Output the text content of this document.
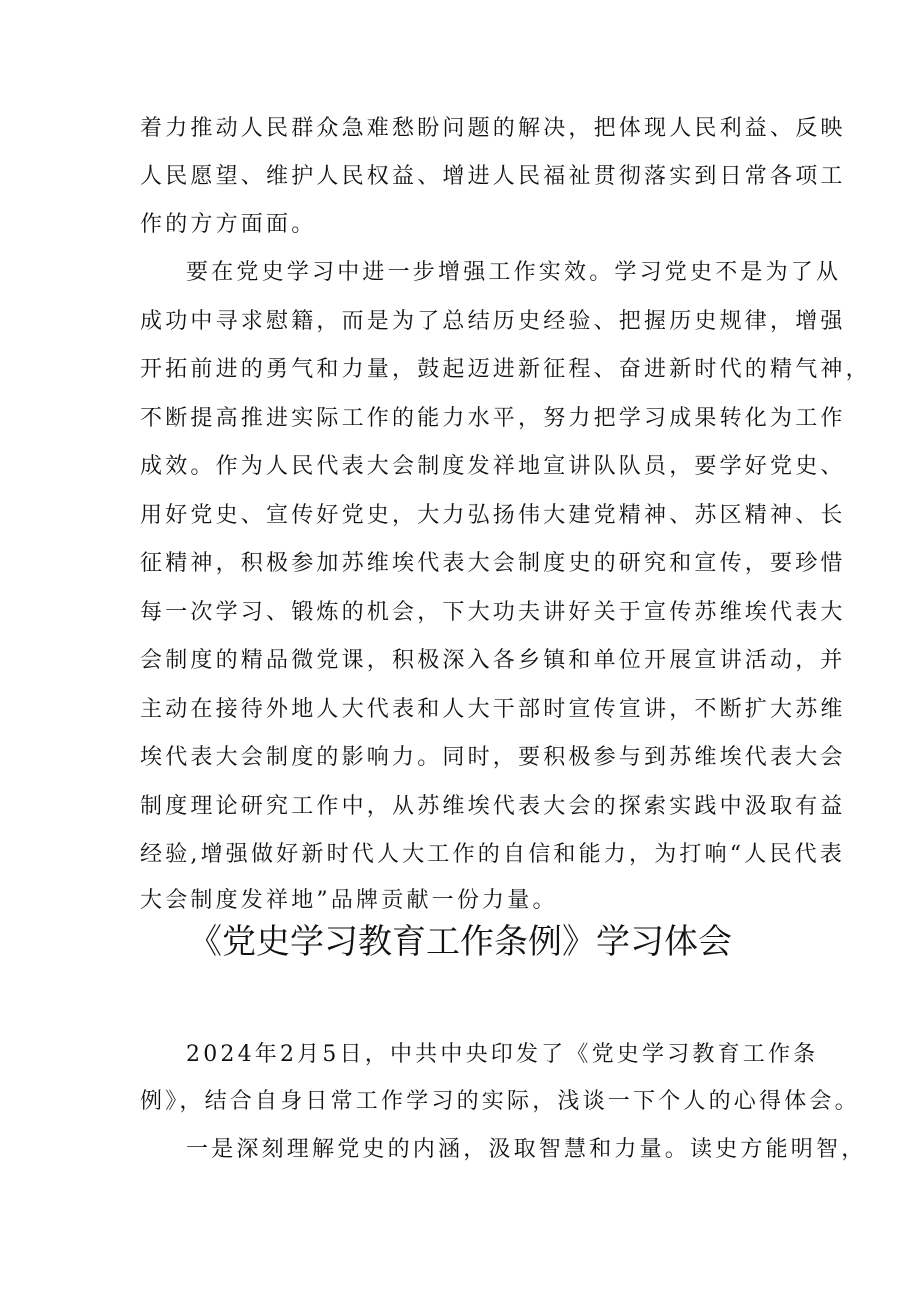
着力推动人民群众急难愁盼问题的解决，把体现人民利益、反映
人民愿望、维护人民权益、增进人民福祉贯彻落实到日常各项工
作的方方面面。
要在党史学习中进一步增强工作实效。学习党史不是为了从
成功中寻求慰籍，而是为了总结历史经验、把握历史规律，增强
开拓前进的勇气和力量，鼓起迈进新征程、奋进新时代的精气神，
不断提高推进实际工作的能力水平，努力把学习成果转化为工作
成效。作为人民代表大会制度发祥地宣讲队队员，要学好党史、
用好党史、宣传好党史，大力弘扬伟大建党精神、苏区精神、长
征精神，积极参加苏维埃代表大会制度史的研究和宣传，要珍惜
每一次学习、锻炼的机会，下大功夫讲好关于宣传苏维埃代表大
会制度的精品微党课，积极深入各乡镇和单位开展宣讲活动，并
主动在接待外地人大代表和人大干部时宣传宣讲，不断扩大苏维
埃代表大会制度的影响力。同时，要积极参与到苏维埃代表大会
制度理论研究工作中，从苏维埃代表大会的探索实践中汲取有益
经验,增强做好新时代人大工作的自信和能力，为打响“人民代表
大会制度发祥地”品牌贡献一份力量。
《党史学习教育工作条例》学习体会
2024年2月5日，中共中央印发了《党史学习教育工作条
例》，结合自身日常工作学习的实际，浅谈一下个人的心得体会。
一是深刻理解党史的内涵，汲取智慧和力量。读史方能明智，
